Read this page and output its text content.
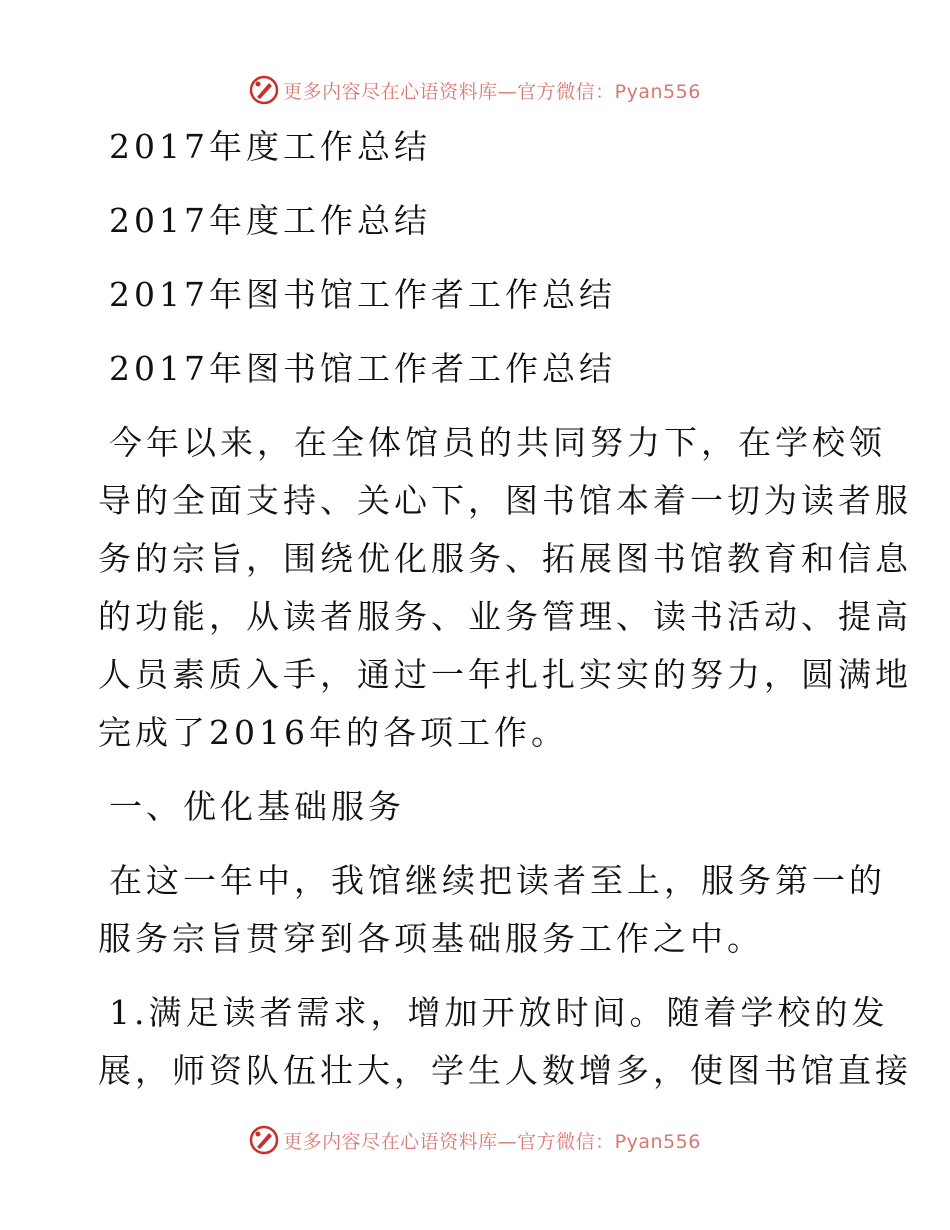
更多内容尽在心语资料库—官方微信：Pyan556
2017年度工作总结
2017年度工作总结
2017年图书馆工作者工作总结
2017年图书馆工作者工作总结
今年以来，在全体馆员的共同努力下，在学校领
导的全面支持、关心下，图书馆本着一切为读者服
务的宗旨，围绕优化服务、拓展图书馆教育和信息
的功能，从读者服务、业务管理、读书活动、提高
人员素质入手，通过一年扎扎实实的努力，圆满地
完成了2016年的各项工作。
一、优化基础服务
在这一年中，我馆继续把读者至上，服务第一的
服务宗旨贯穿到各项基础服务工作之中。
1.满足读者需求，增加开放时间。随着学校的发
展，师资队伍壮大，学生人数增多，使图书馆直接
更多内容尽在心语资料库—官方微信：Pyan556
